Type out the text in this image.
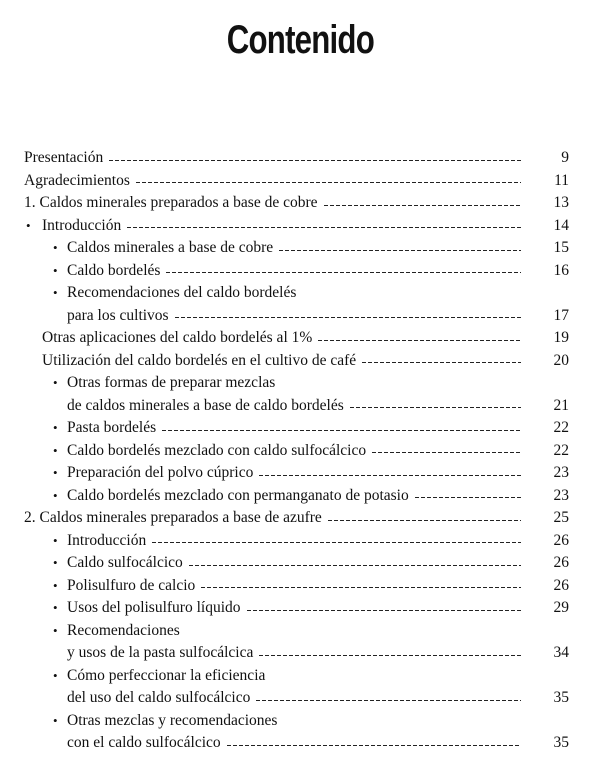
Contenido
Presentación	9
Agradecimientos	11
1. Caldos minerales preparados a base de cobre	13
• Introducción	14
• Caldos minerales a base de cobre	15
• Caldo bordelés	16
• Recomendaciones del caldo bordelés
para los cultivos	17
Otras aplicaciones del caldo bordelés al 1%	19
Utilización del caldo bordelés en el cultivo de café	20
• Otras formas de preparar mezclas
de caldos minerales a base de caldo bordelés	21
• Pasta bordelés	22
• Caldo bordelés mezclado con caldo sulfocálcico	22
• Preparación del polvo cúprico	23
• Caldo bordelés mezclado con permanganato de potasio	23
2. Caldos minerales preparados a base de azufre	25
• Introducción	26
• Caldo sulfocálcico	26
• Polisulfuro de calcio	26
• Usos del polisulfuro líquido	29
• Recomendaciones
y usos de la pasta sulfocálcica	34
• Cómo perfeccionar la eficiencia
del uso del caldo sulfocálcico	35
• Otras mezclas y recomendaciones
con el caldo sulfocálcico	35
